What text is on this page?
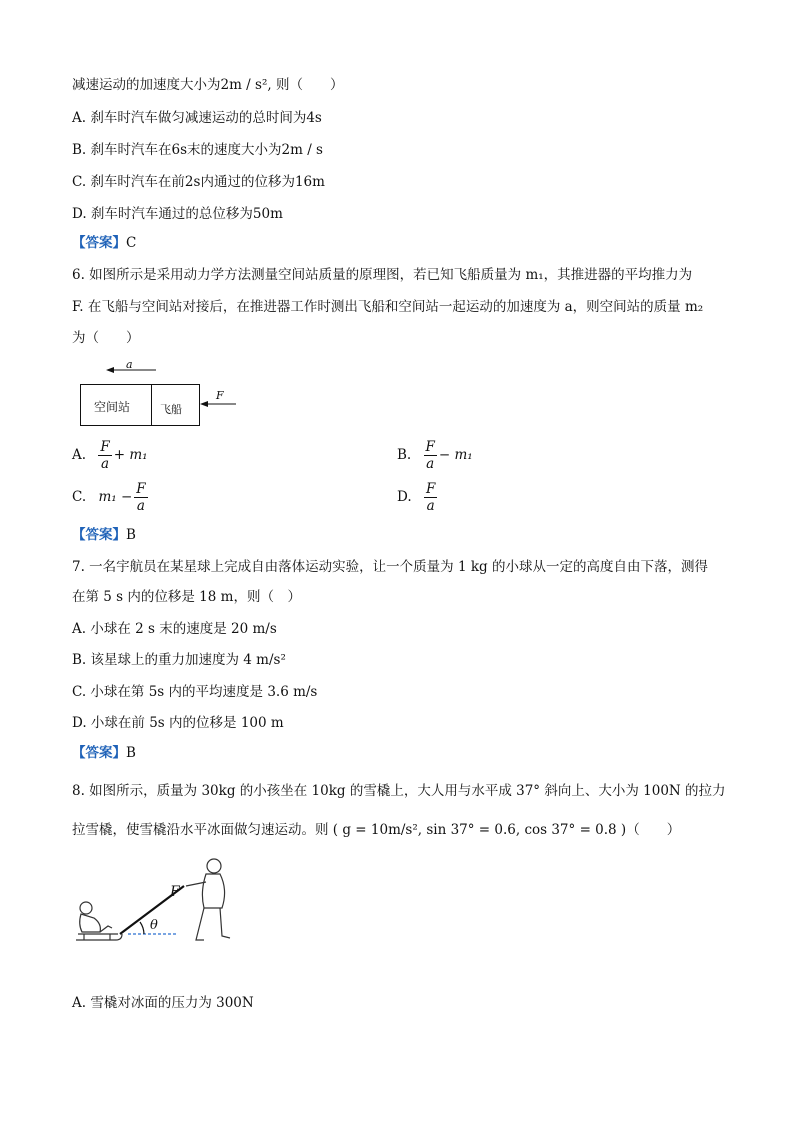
减速运动的加速度大小为2m / s², 则（　　）
A. 刹车时汽车做匀减速运动的总时间为4s
B. 刹车时汽车在6s末的速度大小为2m / s
C. 刹车时汽车在前2s内通过的位移为16m
D. 刹车时汽车通过的总位移为50m
【答案】C
6. 如图所示是采用动力学方法测量空间站质量的原理图，若已知飞船质量为 m₁，其推进器的平均推力为
F. 在飞船与空间站对接后，在推进器工作时测出飞船和空间站一起运动的加速度为 a，则空间站的质量 m₂
为（　　）
a
空间站	飞船
F
A. $\frac{F}{a} + m_1$	B. $\frac{F}{a} - m_1$
C. $m_1 - \frac{F}{a}$	D. $\frac{F}{a}$
【答案】B
7. 一名宇航员在某星球上完成自由落体运动实验，让一个质量为 1 kg 的小球从一定的高度自由下落，测得
在第 5 s 内的位移是 18 m，则（　）
A. 小球在 2 s 末的速度是 20 m/s
B. 该星球上的重力加速度为 4 m/s²
C. 小球在第 5s 内的平均速度是 3.6 m/s
D. 小球在前 5s 内的位移是 100 m
【答案】B
8. 如图所示，质量为 30kg 的小孩坐在 10kg 的雪橇上，大人用与水平成 37° 斜向上、大小为 100N 的拉力
拉雪橇，使雪橇沿水平冰面做匀速运动。则 ( g = 10m/s², sin 37° = 0.6, cos 37° = 0.8 )（　　）
F
θ
A. 雪橇对冰面的压力为 300N
